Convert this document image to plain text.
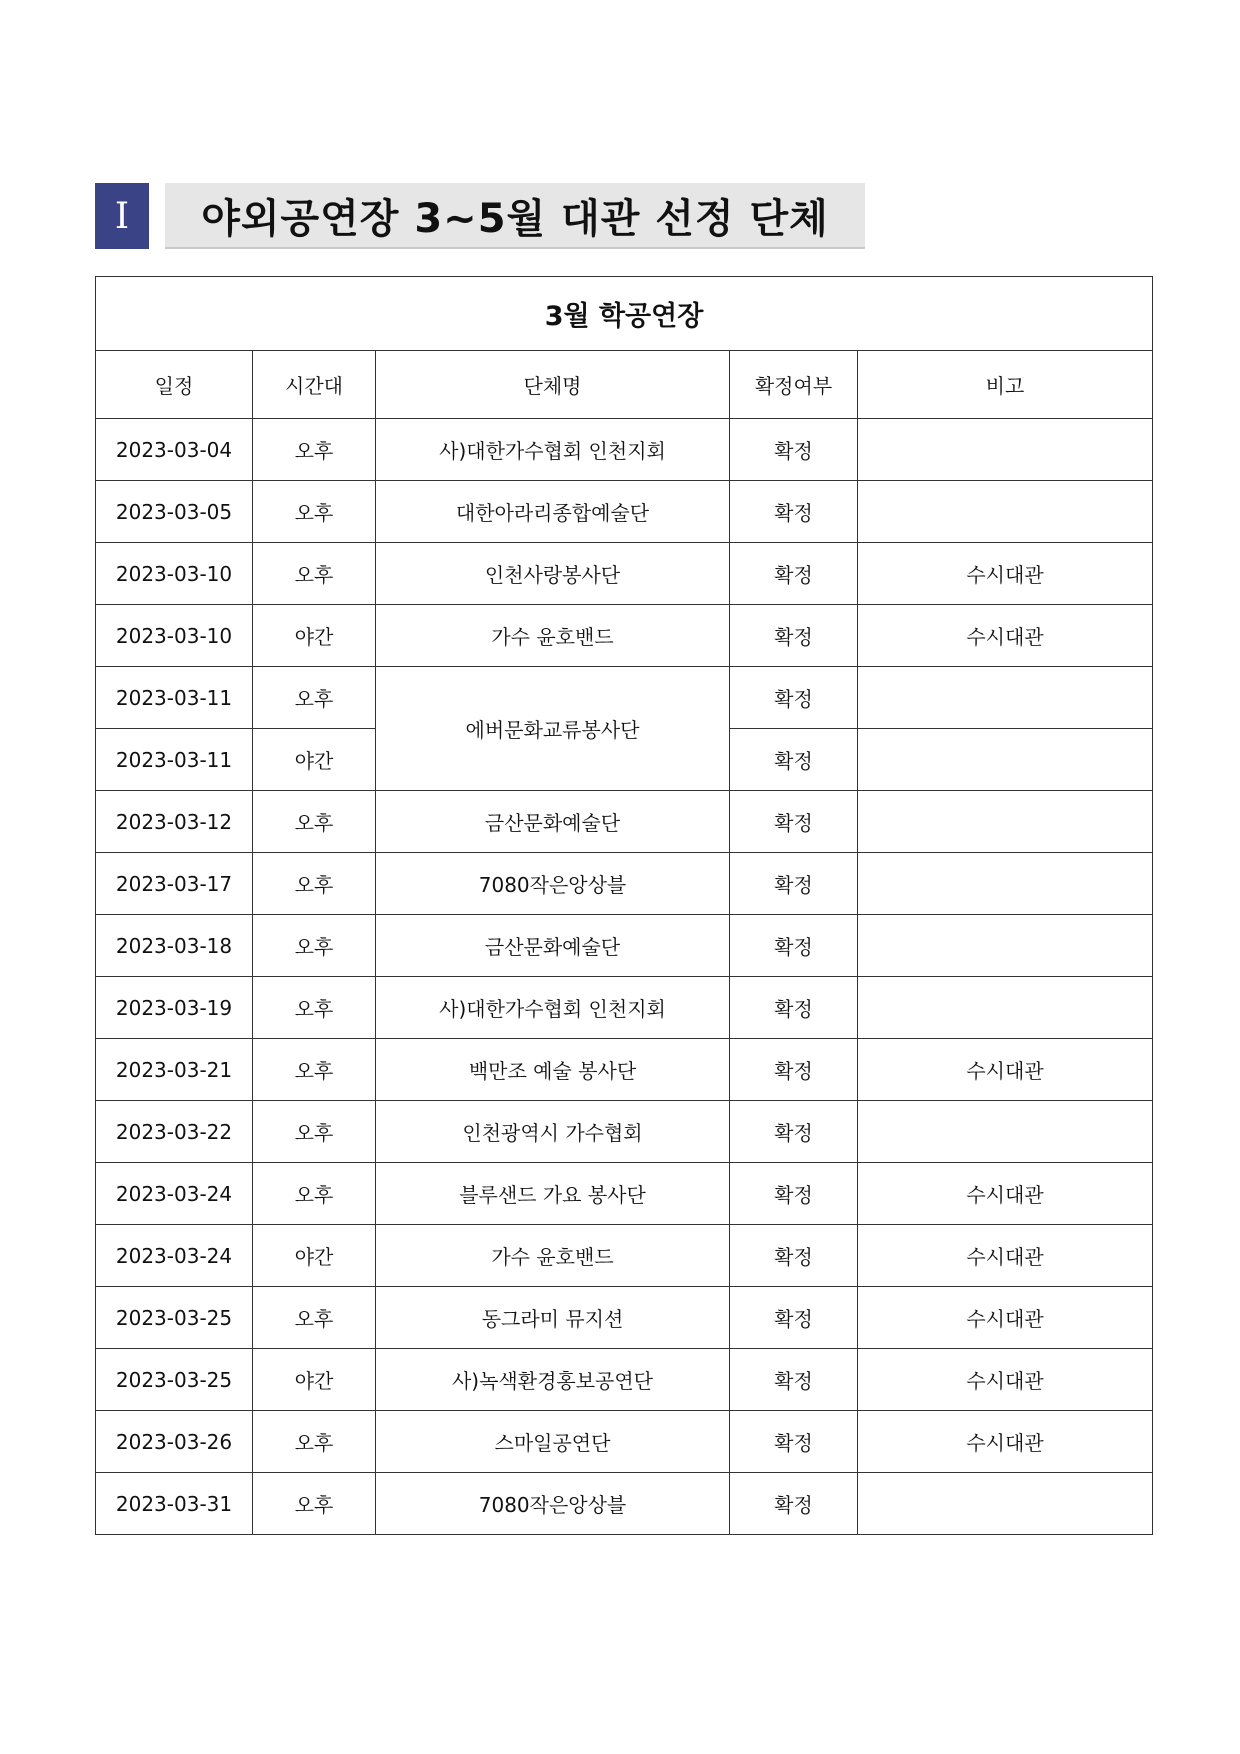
I	야외공연장 3~5월 대관 선정 단체
3월 학공연장				
일정	시간대	단체명	확정여부	비고
2023-03-04	오후	사)대한가수협회 인천지회	확정	
2023-03-05	오후	대한아라리종합예술단	확정	
2023-03-10	오후	인천사랑봉사단	확정	수시대관
2023-03-10	야간	가수 윤호밴드	확정	수시대관
2023-03-11	오후	에버문화교류봉사단	확정	
2023-03-11	야간		확정	
2023-03-12	오후	금산문화예술단	확정	
2023-03-17	오후	7080작은앙상블	확정	
2023-03-18	오후	금산문화예술단	확정	
2023-03-19	오후	사)대한가수협회 인천지회	확정	
2023-03-21	오후	백만조 예술 봉사단	확정	수시대관
2023-03-22	오후	인천광역시 가수협회	확정	
2023-03-24	오후	블루샌드 가요 봉사단	확정	수시대관
2023-03-24	야간	가수 윤호밴드	확정	수시대관
2023-03-25	오후	동그라미 뮤지션	확정	수시대관
2023-03-25	야간	사)녹색환경홍보공연단	확정	수시대관
2023-03-26	오후	스마일공연단	확정	수시대관
2023-03-31	오후	7080작은앙상블	확정	
